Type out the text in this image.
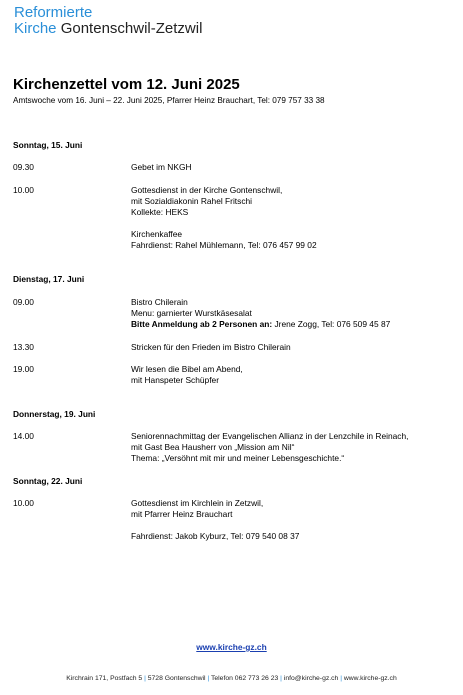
Reformierte
Kirche Gontenschwil-Zetzwil
Kirchenzettel vom 12. Juni 2025
Amtswoche vom 16. Juni – 22. Juni 2025, Pfarrer Heinz Brauchart, Tel: 079 757 33 38
Sonntag, 15. Juni
09.30	Gebet im NKGH
10.00	Gottesdienst in der Kirche Gontenschwil,
mit Sozialdiakonin Rahel Fritschi
Kollekte: HEKS
Kirchenkaffee
Fahrdienst: Rahel Mühlemann, Tel: 076 457 99 02
Dienstag, 17. Juni
09.00	Bistro Chilerain
Menu: garnierter Wurstkäsesalat
Bitte Anmeldung ab 2 Personen an: Jrene Zogg, Tel: 076 509 45 87
13.30	Stricken für den Frieden im Bistro Chilerain
19.00	Wir lesen die Bibel am Abend,
mit Hanspeter Schüpfer
Donnerstag, 19. Juni
14.00	Seniorennachmittag der Evangelischen Allianz in der Lenzchile in Reinach,
mit Gast Bea Hausherr von „Mission am Nil“
Thema: „Versöhnt mit mir und meiner Lebensgeschichte.“
Sonntag, 22. Juni
10.00	Gottesdienst im Kirchlein in Zetzwil,
mit Pfarrer Heinz Brauchart
Fahrdienst: Jakob Kyburz, Tel: 079 540 08 37
www.kirche-gz.ch
Kirchrain 171, Postfach 5 | 5728 Gontenschwil | Telefon 062 773 26 23 | info@kirche-gz.ch | www.kirche-gz.ch
